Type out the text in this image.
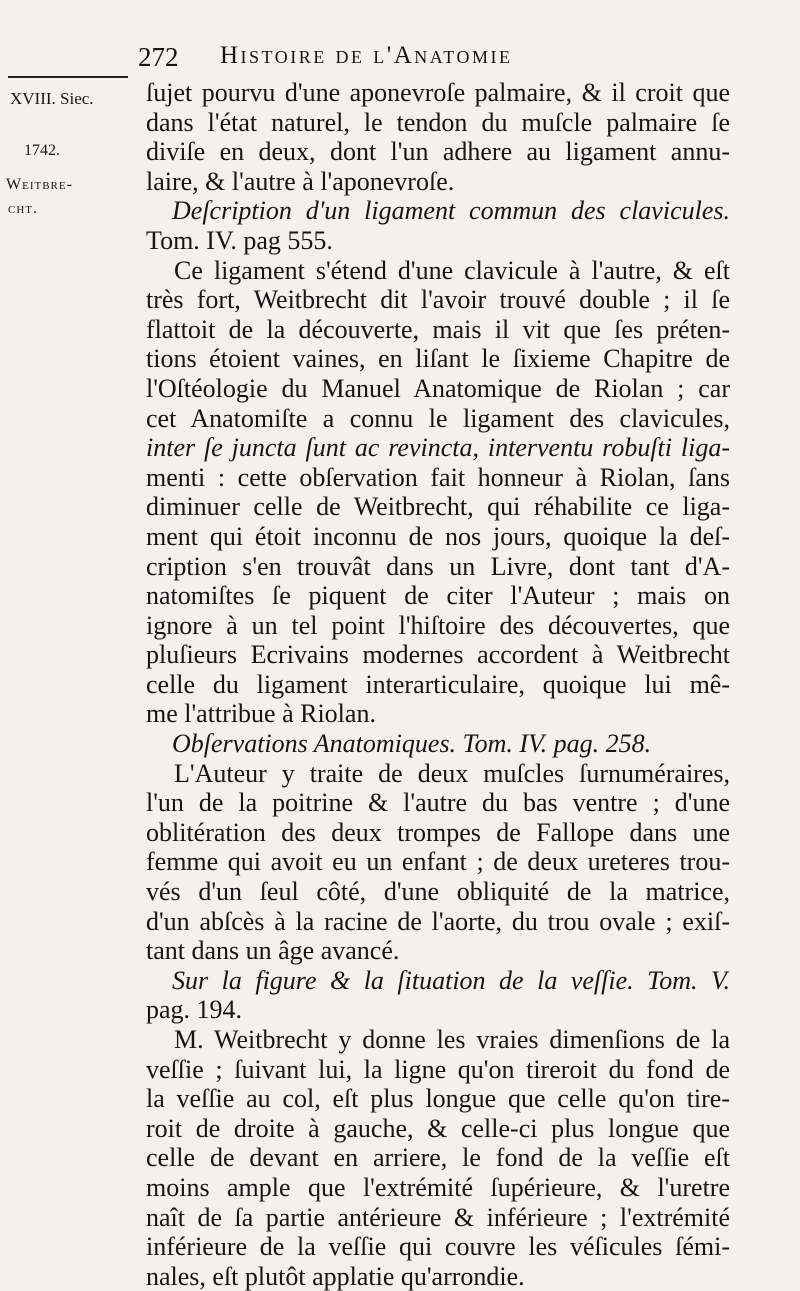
272 Histoire de l'Anatomie
XVIII. Siec.
1742.
Weitbre-
cht.
ſujet pourvu d'une aponevroſe palmaire, & il croit que
dans l'état naturel, le tendon du muſcle palmaire ſe
diviſe en deux, dont l'un adhere au ligament annu-
laire, & l'autre à l'aponevroſe.
Deſcription d'un ligament commun des clavicules.
Tom. IV. pag 555.
Ce ligament s'étend d'une clavicule à l'autre, & eſt
très fort, Weitbrecht dit l'avoir trouvé double ; il ſe
flattoit de la découverte, mais il vit que ſes préten-
tions étoient vaines, en liſant le ſixieme Chapitre de
l'Oſtéologie du Manuel Anatomique de Riolan ; car
cet Anatomiſte a connu le ligament des clavicules,
inter ſe juncta ſunt ac revincta, interventu robuſti liga-
menti : cette obſervation fait honneur à Riolan, ſans
diminuer celle de Weitbrecht, qui réhabilite ce liga-
ment qui étoit inconnu de nos jours, quoique la deſ-
cription s'en trouvât dans un Livre, dont tant d'A-
natomiſtes ſe piquent de citer l'Auteur ; mais on
ignore à un tel point l'hiſtoire des découvertes, que
pluſieurs Ecrivains modernes accordent à Weitbrecht
celle du ligament interarticulaire, quoique lui mê-
me l'attribue à Riolan.
Obſervations Anatomiques. Tom. IV. pag. 258.
L'Auteur y traite de deux muſcles ſurnuméraires,
l'un de la poitrine & l'autre du bas ventre ; d'une
oblitération des deux trompes de Fallope dans une
femme qui avoit eu un enfant ; de deux ureteres trou-
vés d'un ſeul côté, d'une obliquité de la matrice,
d'un abſcès à la racine de l'aorte, du trou ovale ; exiſ-
tant dans un âge avancé.
Sur la figure & la ſituation de la veſſie. Tom. V.
pag. 194.
M. Weitbrecht y donne les vraies dimenſions de la
veſſie ; ſuivant lui, la ligne qu'on tireroit du fond de
la veſſie au col, eſt plus longue que celle qu'on tire-
roit de droite à gauche, & celle-ci plus longue que
celle de devant en arriere, le fond de la veſſie eſt
moins ample que l'extrémité ſupérieure, & l'uretre
naît de ſa partie antérieure & inférieure ; l'extrémité
inférieure de la veſſie qui couvre les véſicules ſémi-
nales, eſt plutôt applatie qu'arrondie.
